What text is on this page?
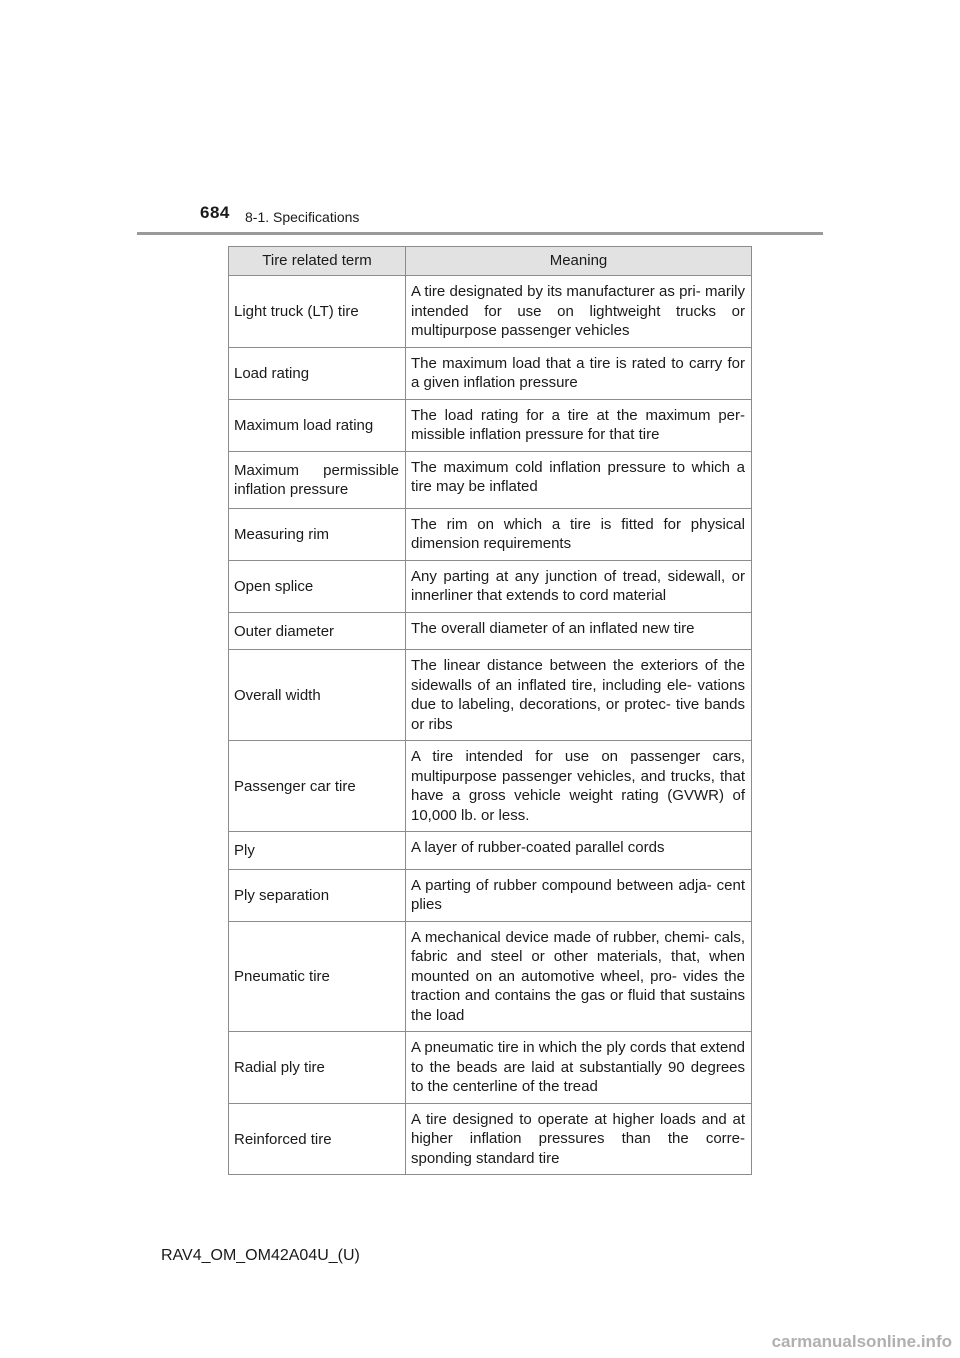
684 8-1. Specifications
Tire related term	Meaning
Light truck (LT) tire	A tire designated by its manufacturer as pri- marily intended for use on lightweight trucks or multipurpose passenger vehicles
Load rating	The maximum load that a tire is rated to carry for a given inflation pressure
Maximum load rating	The load rating for a tire at the maximum per- missible inflation pressure for that tire
Maximum permissible inflation pressure	The maximum cold inflation pressure to which a tire may be inflated
Measuring rim	The rim on which a tire is fitted for physical dimension requirements
Open splice	Any parting at any junction of tread, sidewall, or innerliner that extends to cord material
Outer diameter	The overall diameter of an inflated new tire
Overall width	The linear distance between the exteriors of the sidewalls of an inflated tire, including ele- vations due to labeling, decorations, or protec- tive bands or ribs
Passenger car tire	A tire intended for use on passenger cars, multipurpose passenger vehicles, and trucks, that have a gross vehicle weight rating (GVWR) of 10,000 lb. or less.
Ply	A layer of rubber-coated parallel cords
Ply separation	A parting of rubber compound between adja- cent plies
Pneumatic tire	A mechanical device made of rubber, chemi- cals, fabric and steel or other materials, that, when mounted on an automotive wheel, pro- vides the traction and contains the gas or fluid that sustains the load
Radial ply tire	A pneumatic tire in which the ply cords that extend to the beads are laid at substantially 90 degrees to the centerline of the tread
Reinforced tire	A tire designed to operate at higher loads and at higher inflation pressures than the corre- sponding standard tire
RAV4_OM_OM42A04U_(U)
carmanualsonline.info
